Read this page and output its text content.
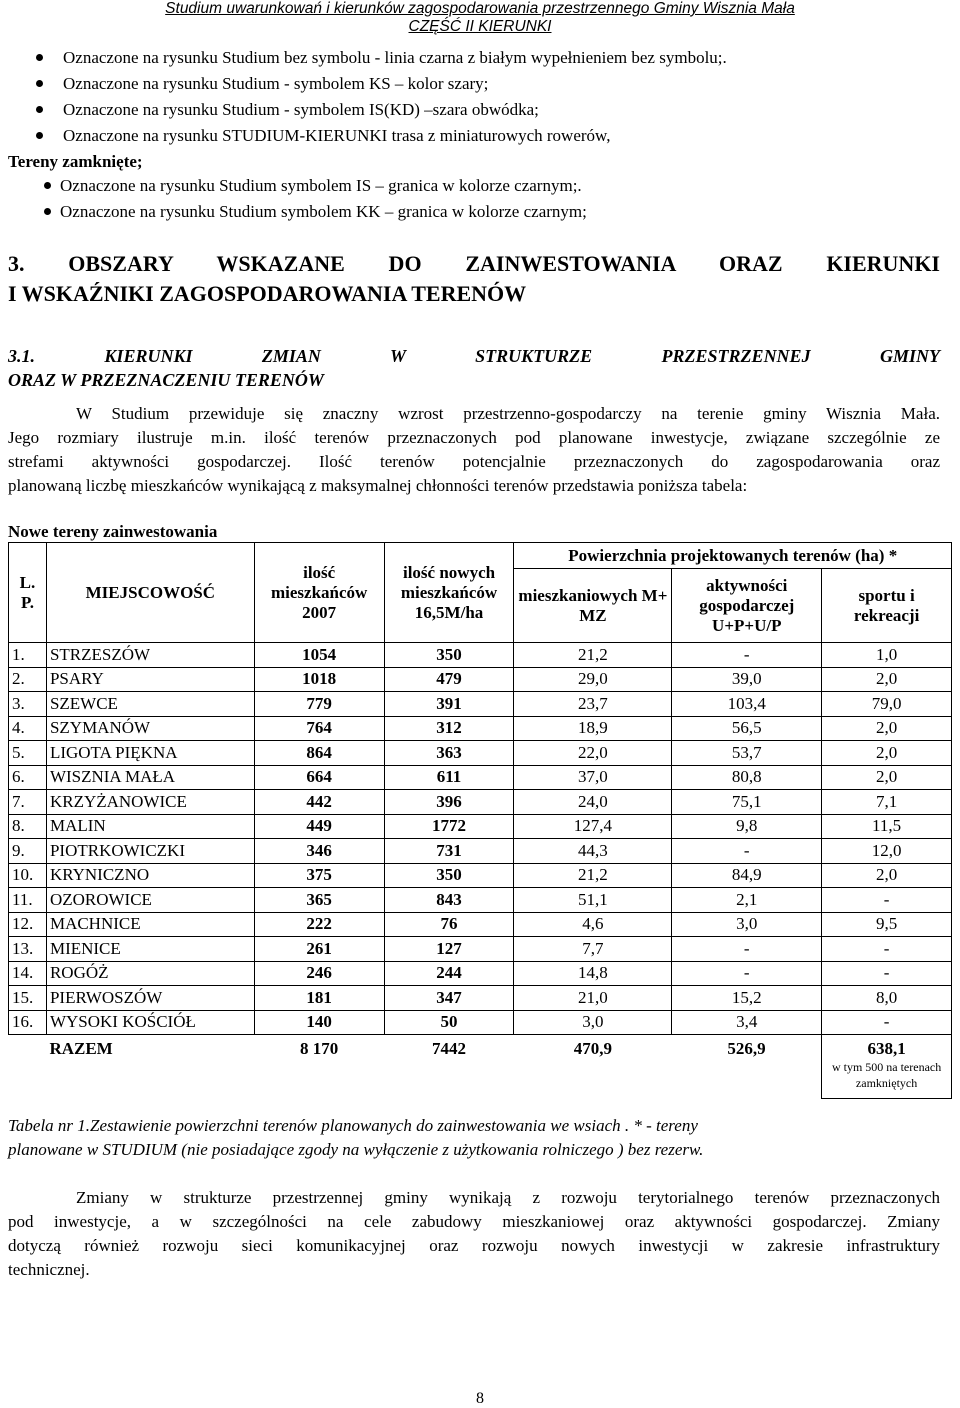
Studium uwarunkowań i kierunków zagospodarowania przestrzennego Gminy Wisznia Mała
CZĘŚĆ II KIERUNKI
Oznaczone na rysunku Studium bez symbolu - linia czarna z białym wypełnieniem bez symbolu;.
Oznaczone na rysunku Studium - symbolem KS – kolor szary;
Oznaczone na rysunku Studium - symbolem IS(KD) –szara obwódka;
Oznaczone na rysunku STUDIUM-KIERUNKI trasa z miniaturowych rowerów,
Tereny zamknięte;
Oznaczone na rysunku Studium symbolem IS – granica w kolorze czarnym;.
Oznaczone na rysunku Studium symbolem KK – granica w kolorze czarnym;
3. OBSZARY WSKAZANE DO ZAINWESTOWANIA ORAZ KIERUNKI
I WSKAŹNIKI ZAGOSPODAROWANIA TERENÓW
3.1. KIERUNKI ZMIAN W STRUKTURZE PRZESTRZENNEJ GMINY
ORAZ W PRZEZNACZENIU TERENÓW
W Studium przewiduje się znaczny wzrost przestrzenno-gospodarczy na terenie gminy Wisznia Mała.
Jego rozmiary ilustruje m.in. ilość terenów przeznaczonych pod planowane inwestycje, związane szczególnie ze
strefami aktywności gospodarczej. Ilość terenów potencjalnie przeznaczonych do zagospodarowania oraz
planowaną liczbę mieszkańców wynikającą z maksymalnej chłonności terenów przedstawia poniższa tabela:
Nowe tereny zainwestowania
L. P.	MIEJSCOWOŚĆ	ilość mieszkańców 2007	ilość nowych mieszkańców 16,5M/ha	Powierzchnia projektowanych terenów (ha) *		
				mieszkaniowych M+ MZ	aktywności gospodarczej U+P+U/P	sportu i rekreacji
1.	STRZESZÓW	1054	350	21,2	-	1,0
2.	PSARY	1018	479	29,0	39,0	2,0
3.	SZEWCE	779	391	23,7	103,4	79,0
4.	SZYMANÓW	764	312	18,9	56,5	2,0
5.	LIGOTA PIĘKNA	864	363	22,0	53,7	2,0
6.	WISZNIA MAŁA	664	611	37,0	80,8	2,0
7.	KRZYŻANOWICE	442	396	24,0	75,1	7,1
8.	MALIN	449	1772	127,4	9,8	11,5
9.	PIOTRKOWICZKI	346	731	44,3	-	12,0
10.	KRYNICZNO	375	350	21,2	84,9	2,0
11.	OZOROWICE	365	843	51,1	2,1	-
12.	MACHNICE	222	76	4,6	3,0	9,5
13.	MIENICE	261	127	7,7	-	-
14.	ROGÓŻ	246	244	14,8	-	-
15.	PIERWOSZÓW	181	347	21,0	15,2	8,0
16.	WYSOKI KOŚCIÓŁ	140	50	3,0	3,4	-
	RAZEM	8 170	7442	470,9	526,9	638,1
w tym 500 na terenach zamkniętych
Tabela nr 1.Zestawienie powierzchni terenów planowanych do zainwestowania we wsiach . * - tereny
planowane w STUDIUM (nie posiadające zgody na wyłączenie z użytkowania rolniczego ) bez rezerw.
Zmiany w strukturze przestrzennej gminy wynikają z rozwoju terytorialnego terenów przeznaczonych
pod inwestycje, a w szczególności na cele zabudowy mieszkaniowej oraz aktywności gospodarczej. Zmiany
dotyczą również rozwoju sieci komunikacyjnej oraz rozwoju nowych inwestycji w zakresie infrastruktury
technicznej.
8
